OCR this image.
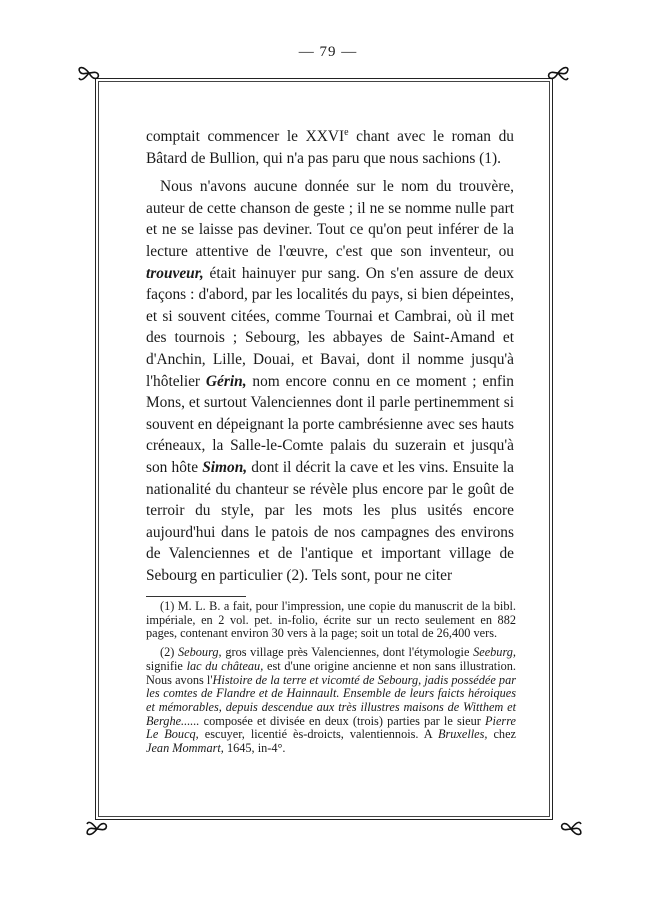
— 79 —

comptait commencer le XXVIe chant avec le roman du Bâtard de Bullion, qui n'a pas paru que nous sachions (1).

Nous n'avons aucune donnée sur le nom du trouvère, auteur de cette chanson de geste ; il ne se nomme nulle part et ne se laisse pas deviner. Tout ce qu'on peut inférer de la lecture attentive de l'œuvre, c'est que son inventeur, ou trouveur, était hainuyer pur sang. On s'en assure de deux façons : d'abord, par les localités du pays, si bien dépeintes, et si souvent citées, comme Tournai et Cambrai, où il met des tournois ; Sebourg, les abbayes de Saint-Amand et d'Anchin, Lille, Douai, et Bavai, dont il nomme jusqu'à l'hôtelier Gérin, nom encore connu en ce moment ; enfin Mons, et surtout Valenciennes dont il parle pertinemment si souvent en dépeignant la porte cambrésienne avec ses hauts créneaux, la Salle-le-Comte palais du suzerain et jusqu'à son hôte Simon, dont il décrit la cave et les vins. Ensuite la nationalité du chanteur se révèle plus encore par le goût de terroir du style, par les mots les plus usités encore aujourd'hui dans le patois de nos campagnes des environs de Valenciennes et de l'antique et important village de Sebourg en particulier (2). Tels sont, pour ne citer

(1) M. L. B. a fait, pour l'impression, une copie du manuscrit de la bibl. impériale, en 2 vol. pet. in-folio, écrite sur un recto seulement en 882 pages, contenant environ 30 vers à la page; soit un total de 26,400 vers.

(2) Sebourg, gros village près Valenciennes, dont l'étymologie Seeburg, signifie lac du château, est d'une origine ancienne et non sans illustration. Nous avons l'Histoire de la terre et vicomté de Sebourg, jadis possédée par les comtes de Flandre et de Hainnault. Ensemble de leurs faicts héroiques et mémorables, depuis descendue aux très illustres maisons de Witthem et Berghe...... composée et divisée en deux (trois) parties par le sieur Pierre Le Boucq, escuyer, licentié ès-droicts, valentiennois. A Bruxelles, chez Jean Mommart, 1645, in-4°.
